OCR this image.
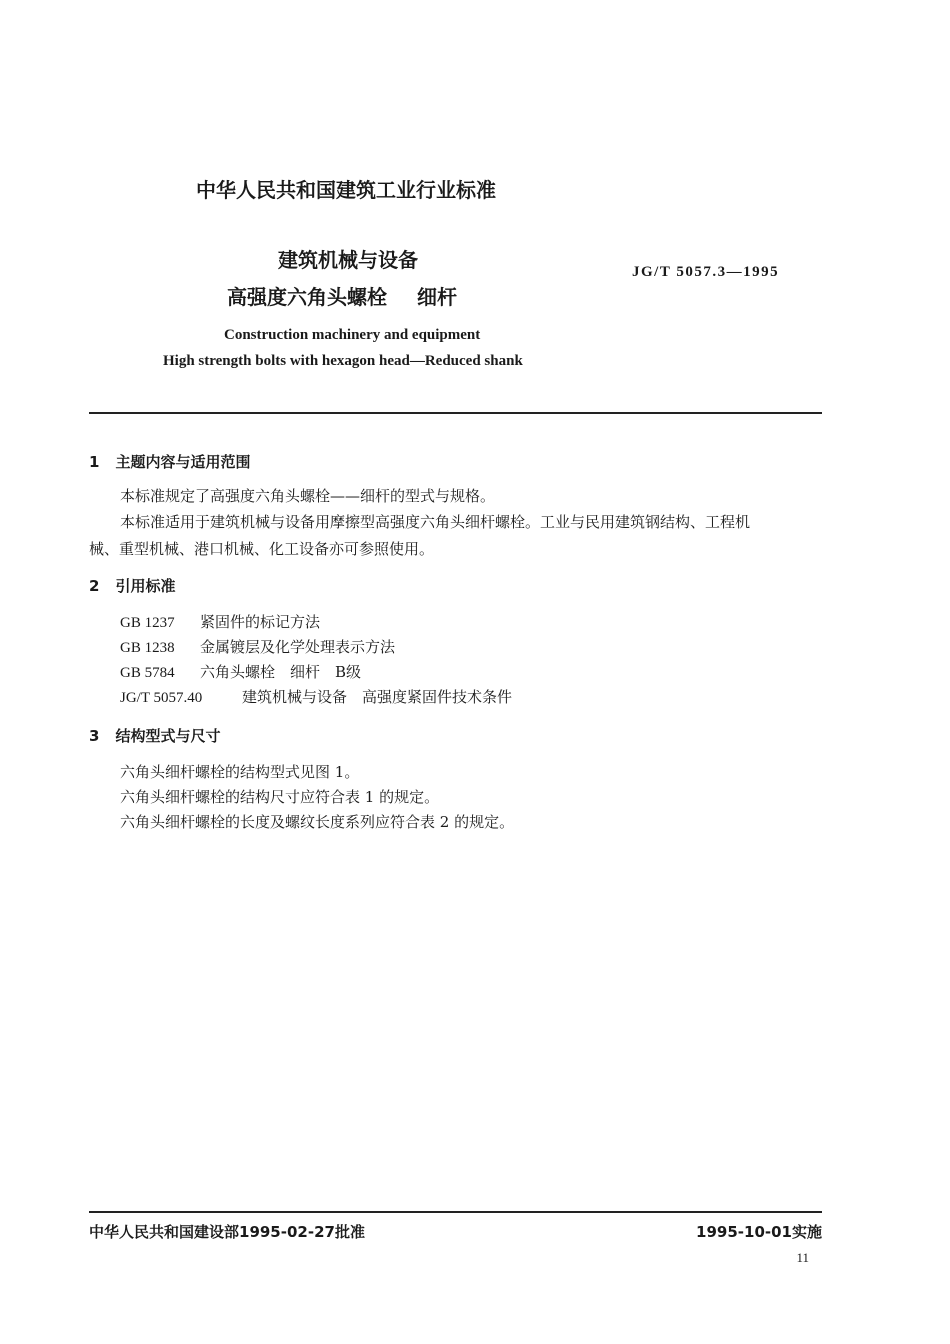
中华人民共和国建筑工业行业标准
建筑机械与设备
高强度六角头螺栓 细杆
JG/T 5057.3—1995
Construction machinery and equipment
High strength bolts with hexagon head—Reduced shank
1 主题内容与适用范围
本标准规定了高强度六角头螺栓——细杆的型式与规格。
本标准适用于建筑机械与设备用摩擦型高强度六角头细杆螺栓。工业与民用建筑钢结构、工程机
械、重型机械、港口机械、化工设备亦可参照使用。
2 引用标准
GB 1237 紧固件的标记方法
GB 1238 金属镀层及化学处理表示方法
GB 5784 六角头螺栓　细杆　B级
JG/T 5057.40	建筑机械与设备　高强度紧固件技术条件
3 结构型式与尺寸
六角头细杆螺栓的结构型式见图 1。
六角头细杆螺栓的结构尺寸应符合表 1 的规定。
六角头细杆螺栓的长度及螺纹长度系列应符合表 2 的规定。
中华人民共和国建设部1995-02-27批准	1995-10-01实施
11
